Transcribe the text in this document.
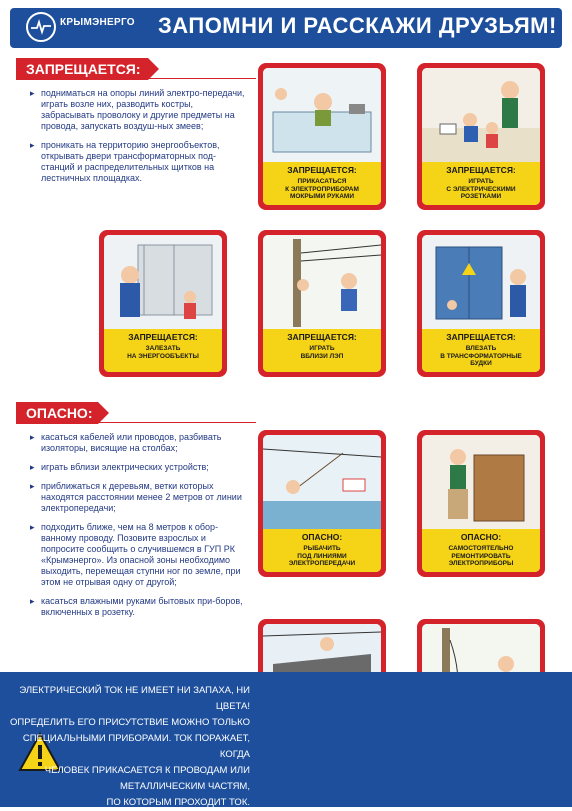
КРЫМЭНЕРГО ЗАПОМНИ И РАССКАЖИ ДРУЗЬЯМ!
ЗАПРЕЩАЕТСЯ:

▸ подниматься на опоры линий электро-передачи, играть возле них, разводить костры, забрасывать проволоку и другие предметы на провода, запускать воздуш-ных змеев;

▸ проникать на территорию энергообъектов, открывать двери трансформаторных под-станций и распределительных щитков на лестничных площадках.

ЗАПРЕЩАЕТСЯ:
ПРИКАСАТЬСЯ
К ЭЛЕКТРОПРИБОРАМ
МОКРЫМИ РУКАМИ
ЗАПРЕЩАЕТСЯ:
ИГРАТЬ
С ЭЛЕКТРИЧЕСКИМИ
РОЗЕТКАМИ
ЗАПРЕЩАЕТСЯ:
ЗАЛЕЗАТЬ
НА ЭНЕРГООБЪЕКТЫ
ЗАПРЕЩАЕТСЯ:
ИГРАТЬ
ВБЛИЗИ ЛЭП
ЗАПРЕЩАЕТСЯ:
ВЛЕЗАТЬ
В ТРАНСФОРМАТОРНЫЕ
БУДКИ
ОПАСНО:

▸ касаться кабелей или проводов, разбивать изоляторы, висящие на столбах;

▸ играть вблизи электрических устройств;

▸ приближаться к деревьям, ветки которых находятся расстоянии менее 2 метров от линии электропередачи;

▸ подходить ближе, чем на 8 метров к обор-ванному проводу. Позовите взрослых и попросите сообщить о случившемся в ГУП РК «Крымэнерго». Из опасной зоны необходимо выходить, перемещая ступни ног по земле, при этом не отрывая одну от другой;

▸ касаться влажными руками бытовых при-боров, включенных в розетку.

ОПАСНО:
РЫБАЧИТЬ
ПОД ЛИНИЯМИ
ЭЛЕКТРОПЕРЕДАЧИ
ОПАСНО:
САМОСТОЯТЕЛЬНО
РЕМОНТИРОВАТЬ
ЭЛЕКТРОПРИБОРЫ
ЭЛЕКТРИЧЕСКИЙ ТОК НЕ ИМЕЕТ НИ ЗАПАХА, НИ ЦВЕТА!
ОПРЕДЕЛИТЬ ЕГО ПРИСУТСТВИЕ МОЖНО ТОЛЬКО
СПЕЦИАЛЬНЫМИ ПРИБОРАМИ. ТОК ПОРАЖАЕТ, КОГДА
ЧЕЛОВЕК ПРИКАСАЕТСЯ К ПРОВОДАМ ИЛИ
МЕТАЛЛИЧЕСКИМ ЧАСТЯМ,
ПО КОТОРЫМ ПРОХОДИТ ТОК.
